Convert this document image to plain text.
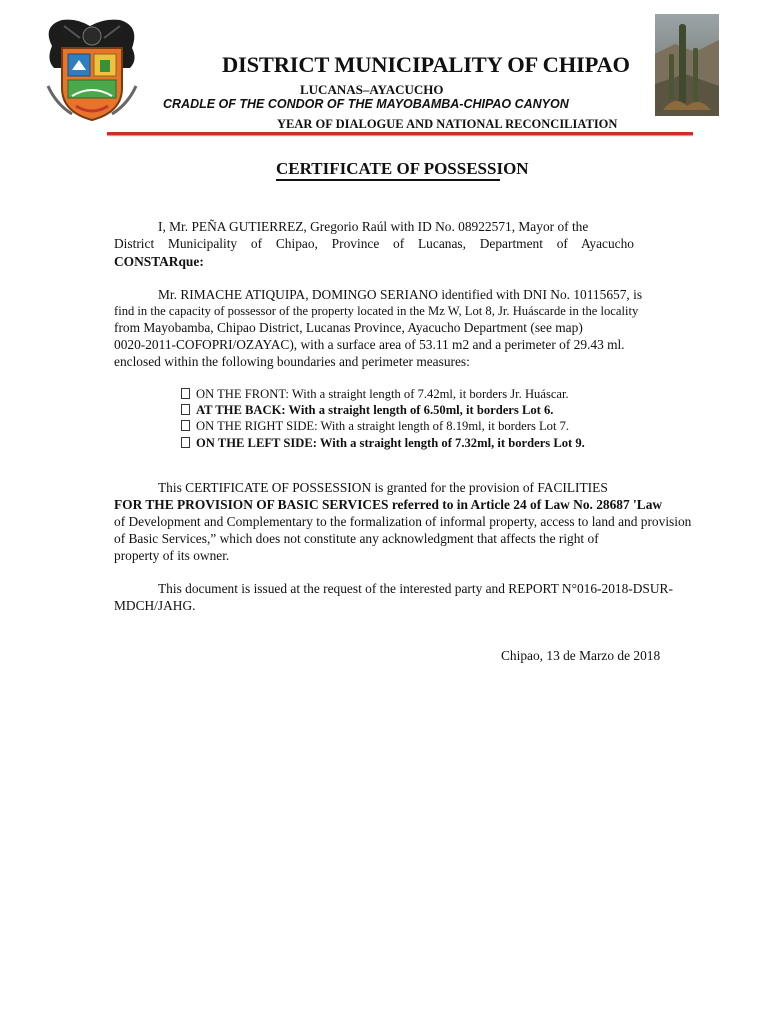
DISTRICT MUNICIPALITY OF CHIPAO
LUCANAS–AYACUCHO
CRADLE OF THE CONDOR OF THE MAYOBAMBA-CHIPAO CANYON
YEAR OF DIALOGUE AND NATIONAL RECONCILIATION
CERTIFICATE OF POSSESSION
I, Mr. PEÑA GUTIERREZ, Gregorio Raúl with ID No. 08922571, Mayor of the
District Municipality of Chipao, Province of Lucanas, Department of Ayacucho
CONSTARque:
Mr. RIMACHE ATIQUIPA, DOMINGO SERIANO identified with DNI No. 10115657, is
find in the capacity of possessor of the property located in the Mz W, Lot 8, Jr. Huáscarde in the locality
from Mayobamba, Chipao District, Lucanas Province, Ayacucho Department (see map)
0020-2011-COFOPRI/OZAYAC), with a surface area of 53.11 m2 and a perimeter of 29.43 ml.
enclosed within the following boundaries and perimeter measures:
ON THE FRONT: With a straight length of 7.42ml, it borders Jr. Huáscar.
AT THE BACK: With a straight length of 6.50ml, it borders Lot 6.
ON THE RIGHT SIDE: With a straight length of 8.19ml, it borders Lot 7.
ON THE LEFT SIDE: With a straight length of 7.32ml, it borders Lot 9.
This CERTIFICATE OF POSSESSION is granted for the provision of FACILITIES
FOR THE PROVISION OF BASIC SERVICES referred to in Article 24 of Law No. 28687 'Law
of Development and Complementary to the formalization of informal property, access to land and provision
of Basic Services,” which does not constitute any acknowledgment that affects the right of
property of its owner.
This document is issued at the request of the interested party and REPORT N°016-2018-DSUR-
MDCH/JAHG.
Chipao, 13 de Marzo de 2018
